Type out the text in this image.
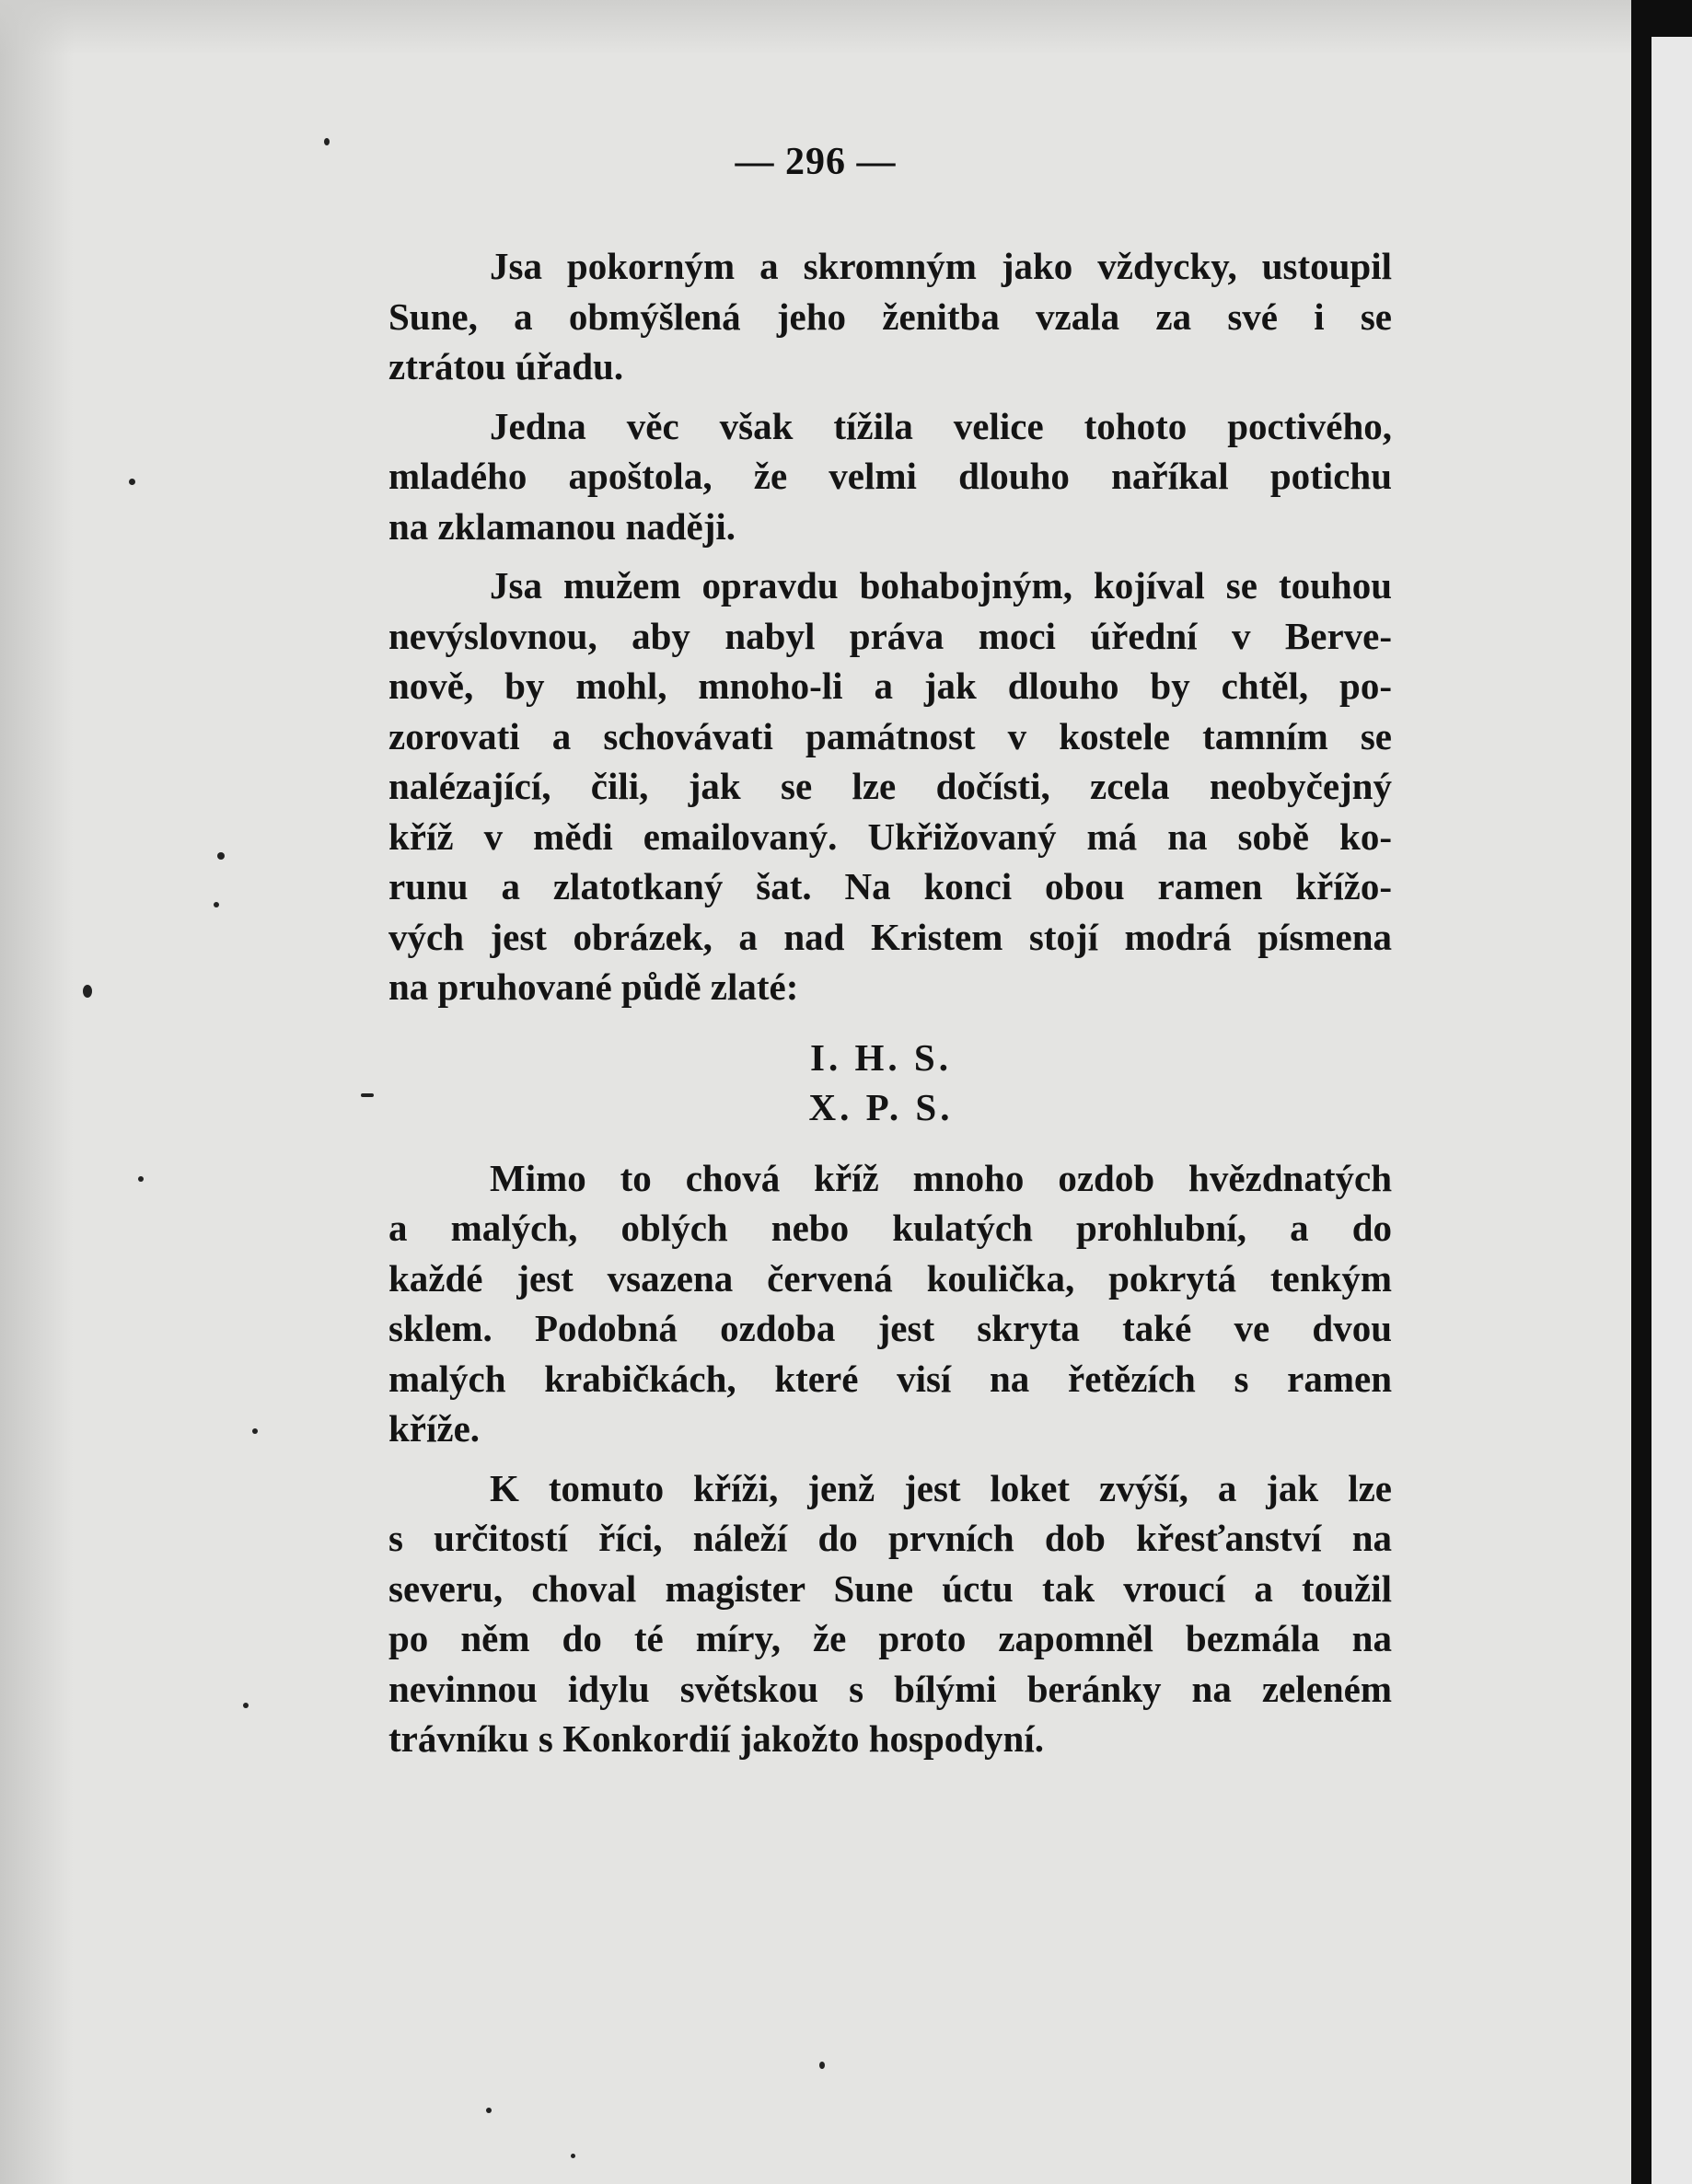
— 296 —
Jsa pokorným a skromným jako vždycky, ustoupil
Sune, a obmýšlená jeho ženitba vzala za své i se
ztrátou úřadu.
Jedna věc však tížila velice tohoto poctivého,
mladého apoštola, že velmi dlouho naříkal potichu
na zklamanou naději.
Jsa mužem opravdu bohabojným, kojíval se touhou
nevýslovnou, aby nabyl práva moci úřední v Berve-
nově, by mohl, mnoho-li a jak dlouho by chtěl, po-
zorovati a schovávati památnost v kostele tamním se
nalézající, čili, jak se lze dočísti, zcela neobyčejný
kříž v mědi emailovaný. Ukřižovaný má na sobě ko-
runu a zlatotkaný šat. Na konci obou ramen křížo-
vých jest obrázek, a nad Kristem stojí modrá písmena
na pruhované půdě zlaté:
I. H. S.
X. P. S.
Mimo to chová kříž mnoho ozdob hvězdnatých
a malých, oblých nebo kulatých prohlubní, a do
každé jest vsazena červená koulička, pokrytá tenkým
sklem. Podobná ozdoba jest skryta také ve dvou
malých krabičkách, které visí na řetězích s ramen
kříže.
K tomuto kříži, jenž jest loket zvýší, a jak lze
s určitostí říci, náleží do prvních dob křesťanství na
severu, choval magister Sune úctu tak vroucí a toužil
po něm do té míry, že proto zapomněl bezmála na
nevinnou idylu světskou s bílými beránky na zeleném
trávníku s Konkordií jakožto hospodyní.
